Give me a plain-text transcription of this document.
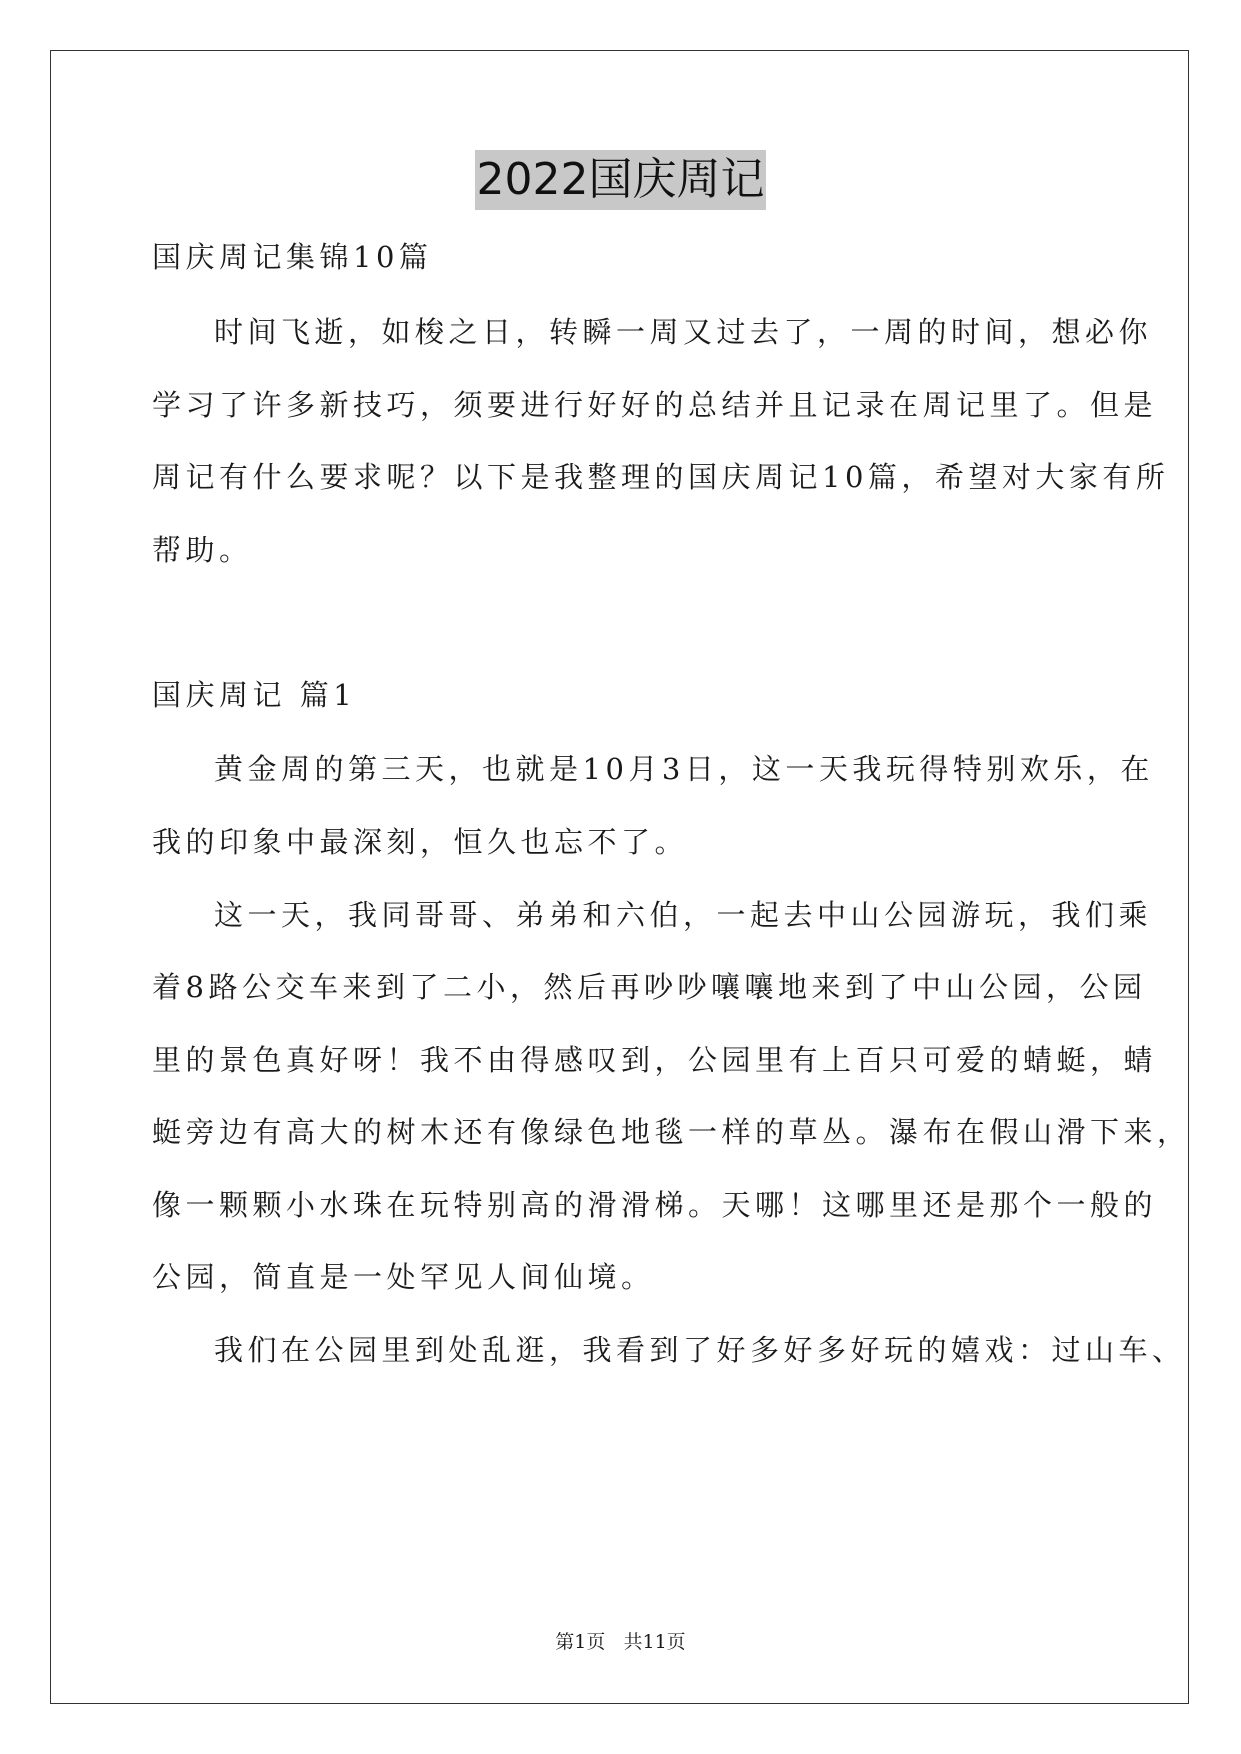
2022国庆周记
国庆周记集锦10篇
时间飞逝，如梭之日，转瞬一周又过去了，一周的时间，想必你
学习了许多新技巧，须要进行好好的总结并且记录在周记里了。但是
周记有什么要求呢？以下是我整理的国庆周记10篇，希望对大家有所
帮助。
国庆周记 篇1
黄金周的第三天，也就是10月3日，这一天我玩得特别欢乐，在
我的印象中最深刻，恒久也忘不了。
这一天，我同哥哥、弟弟和六伯，一起去中山公园游玩，我们乘
着8路公交车来到了二小，然后再吵吵嚷嚷地来到了中山公园，公园
里的景色真好呀！我不由得感叹到，公园里有上百只可爱的蜻蜓，蜻
蜓旁边有高大的树木还有像绿色地毯一样的草丛。瀑布在假山滑下来，
像一颗颗小水珠在玩特别高的滑滑梯。天哪！这哪里还是那个一般的
公园，简直是一处罕见人间仙境。
我们在公园里到处乱逛，我看到了好多好多好玩的嬉戏：过山车、
第1页   共11页
